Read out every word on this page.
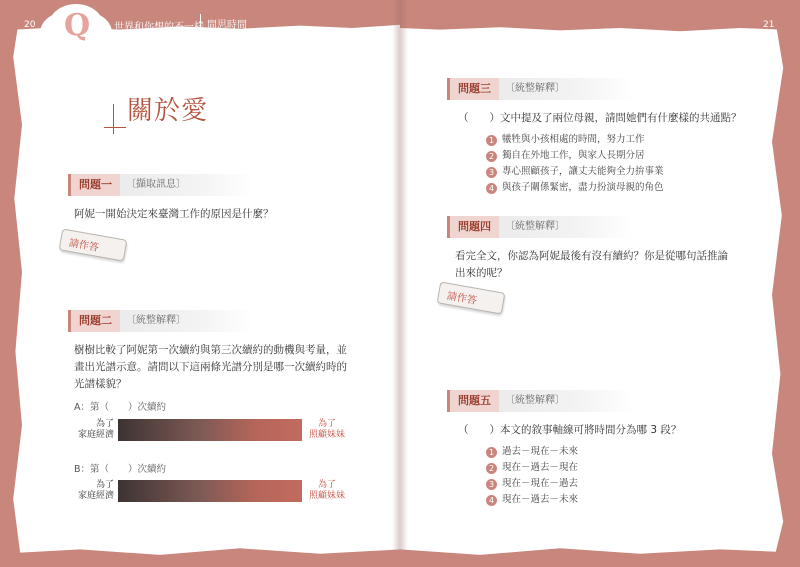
20 Q 世界和你想的不一樣 問思時間
關於愛
問題一	〔擷取訊息〕
阿妮一開始決定來臺灣工作的原因是什麼？
請作答
問題二	〔統整解釋〕
樹樹比較了阿妮第一次續約與第三次續約的動機與考量，並
畫出光譜示意。請問以下這兩條光譜分別是哪一次續約時的
光譜樣貌？
A：第（　　）次續約
為了
家庭經濟
為了
照顧妹妹
B：第（　　）次續約
為了
家庭經濟
為了
照顧妹妹
21
問題三	〔統整解釋〕
（　　）文中提及了兩位母親，請問她們有什麼樣的共通點？
1 犧牲與小孩相處的時間，努力工作
2 獨自在外地工作，與家人長期分居
3 專心照顧孩子，讓丈夫能夠全力拚事業
4 與孩子關係緊密，盡力扮演母親的角色
問題四	〔統整解釋〕
看完全文，你認為阿妮最後有沒有續約？你是從哪句話推論
出來的呢？
請作答
問題五	〔統整解釋〕
（　　）本文的敘事軸線可將時間分為哪 3 段？
1 過去－現在－未來
2 現在－過去－現在
3 現在－現在－過去
4 現在－過去－未來
